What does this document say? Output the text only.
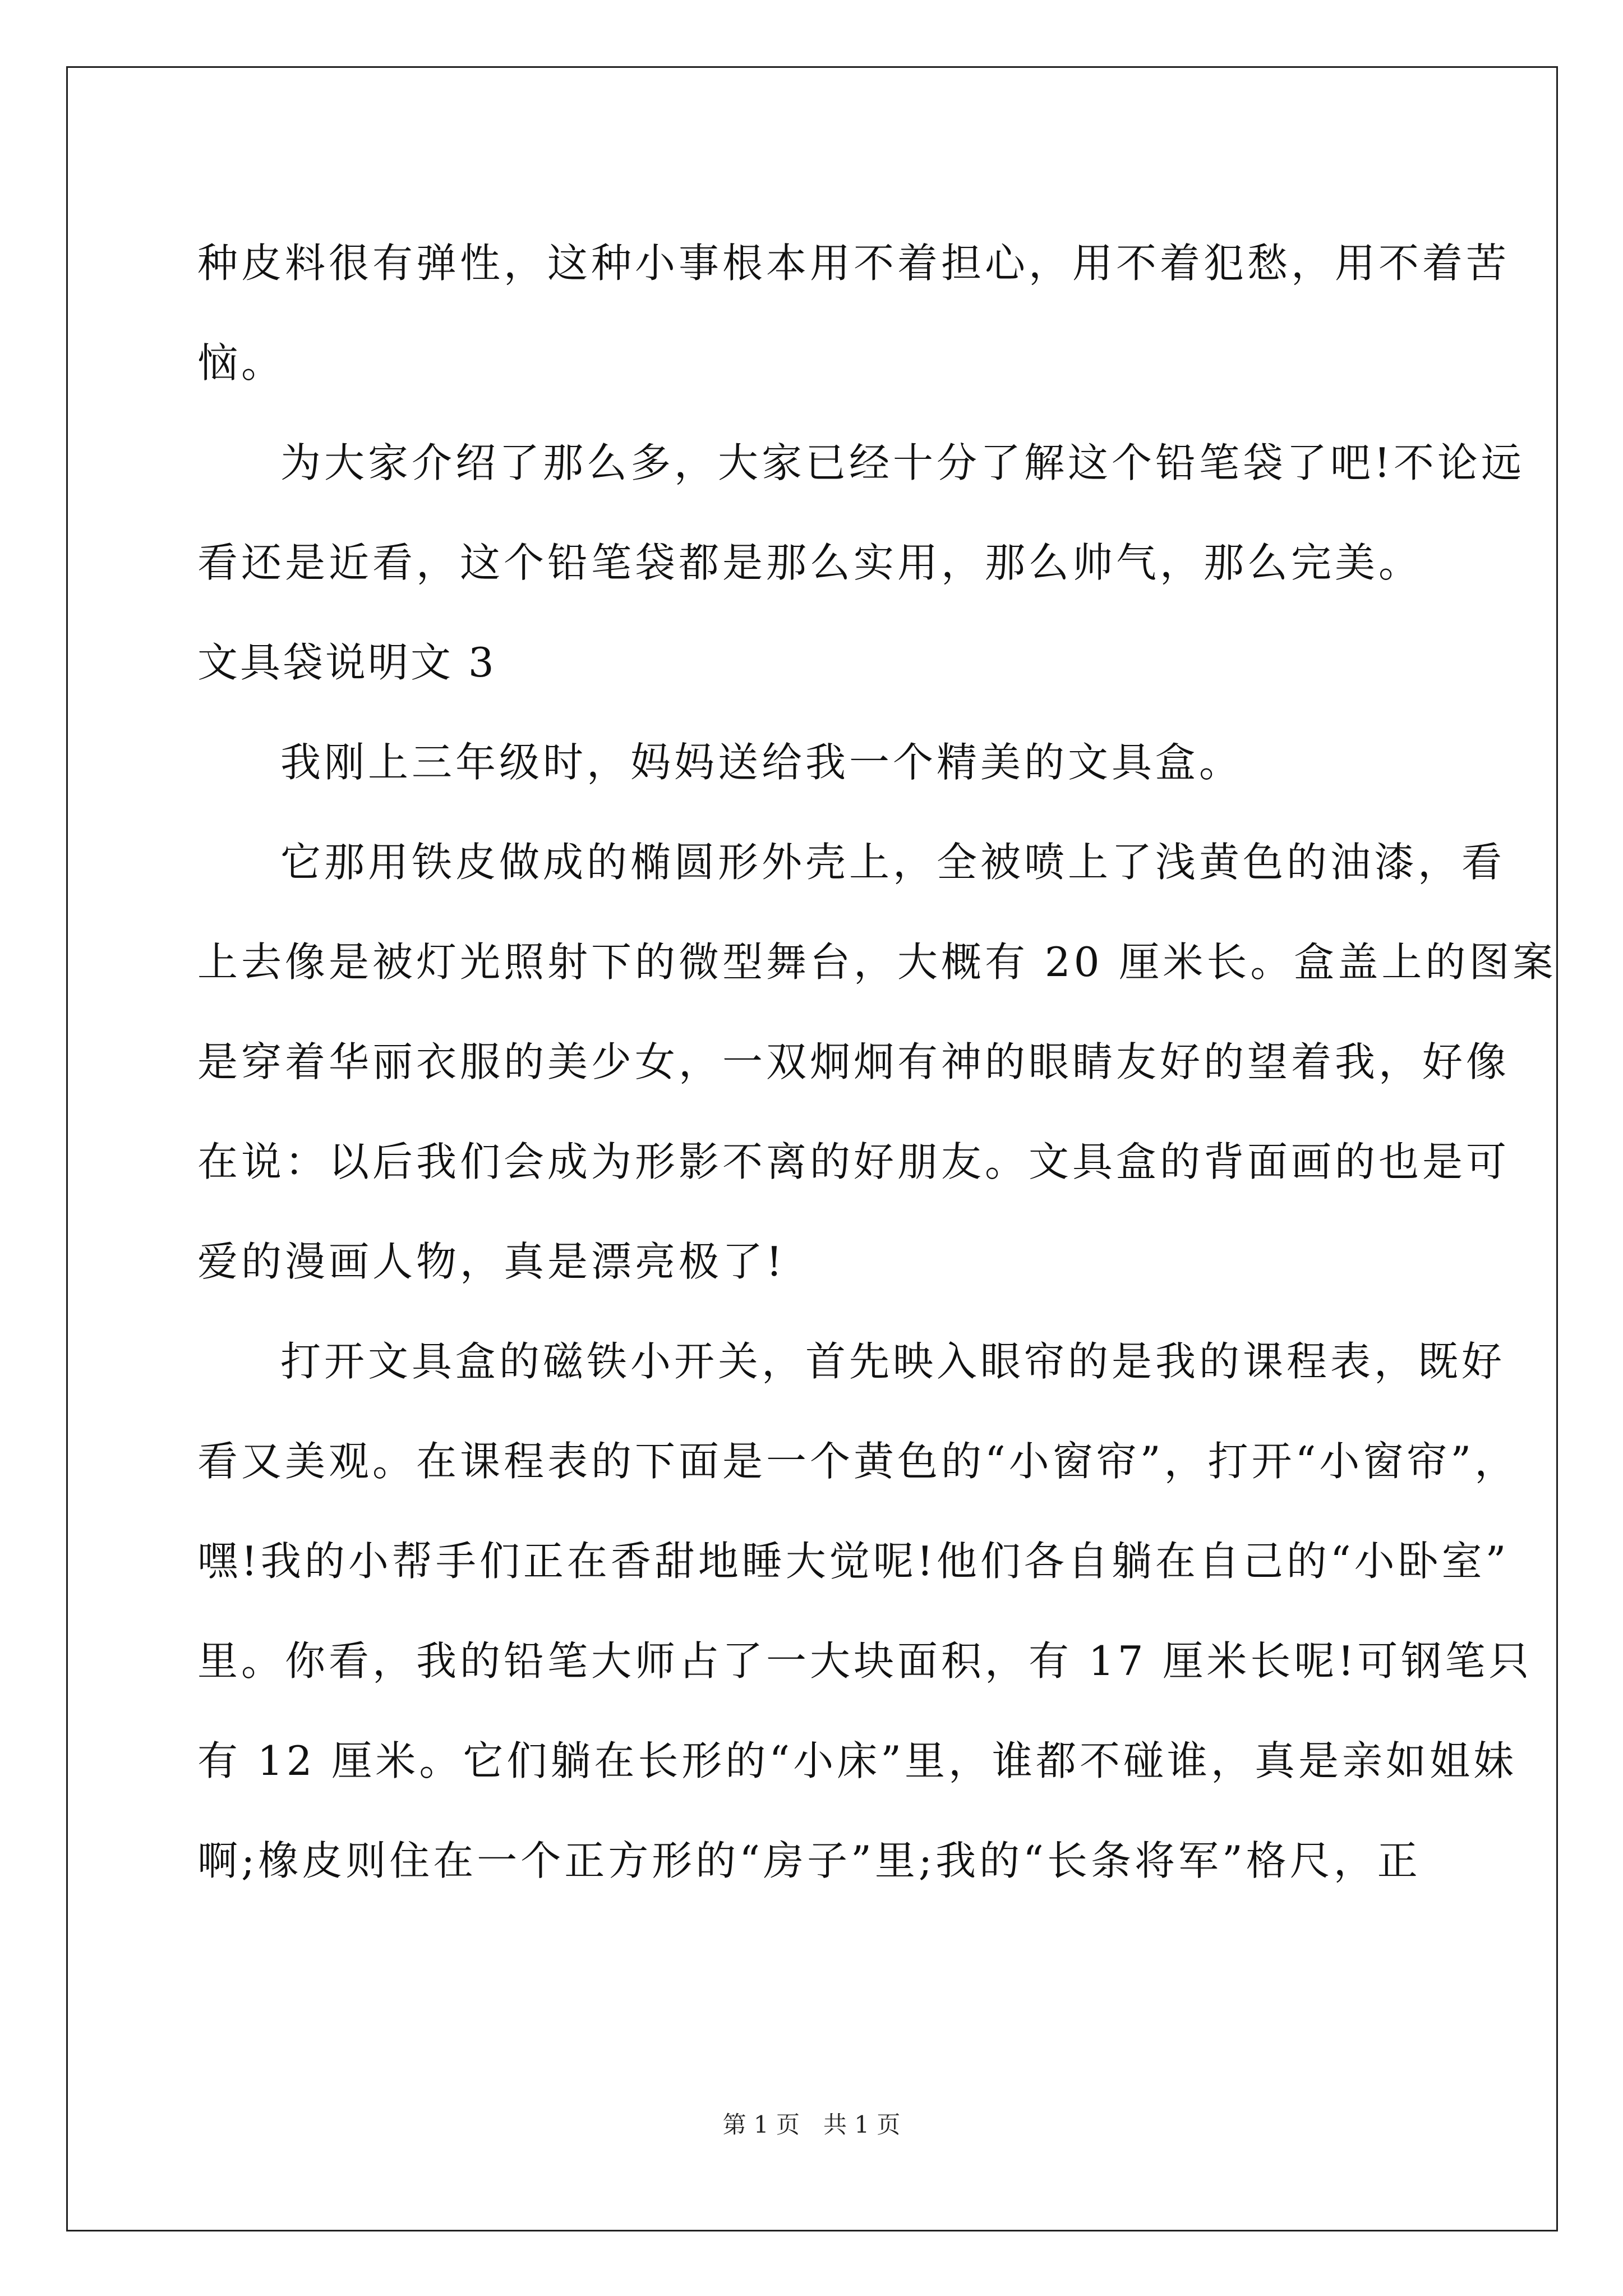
种皮料很有弹性，这种小事根本用不着担心，用不着犯愁，用不着苦
恼。
为大家介绍了那么多，大家已经十分了解这个铅笔袋了吧!不论远
看还是近看，这个铅笔袋都是那么实用，那么帅气，那么完美。
文具袋说明文 3
我刚上三年级时，妈妈送给我一个精美的文具盒。
它那用铁皮做成的椭圆形外壳上，全被喷上了浅黄色的油漆，看
上去像是被灯光照射下的微型舞台，大概有 20 厘米长。盒盖上的图案
是穿着华丽衣服的美少女，一双炯炯有神的眼睛友好的望着我，好像
在说：以后我们会成为形影不离的好朋友。文具盒的背面画的也是可
爱的漫画人物，真是漂亮极了!
打开文具盒的磁铁小开关，首先映入眼帘的是我的课程表，既好
看又美观。在课程表的下面是一个黄色的“小窗帘”，打开“小窗帘”，
嘿!我的小帮手们正在香甜地睡大觉呢!他们各自躺在自己的“小卧室”
里。你看，我的铅笔大师占了一大块面积，有 17 厘米长呢!可钢笔只
有 12 厘米。它们躺在长形的“小床”里，谁都不碰谁，真是亲如姐妹
啊;橡皮则住在一个正方形的“房子”里;我的“长条将军”格尺，正
第 1 页　共 1 页
